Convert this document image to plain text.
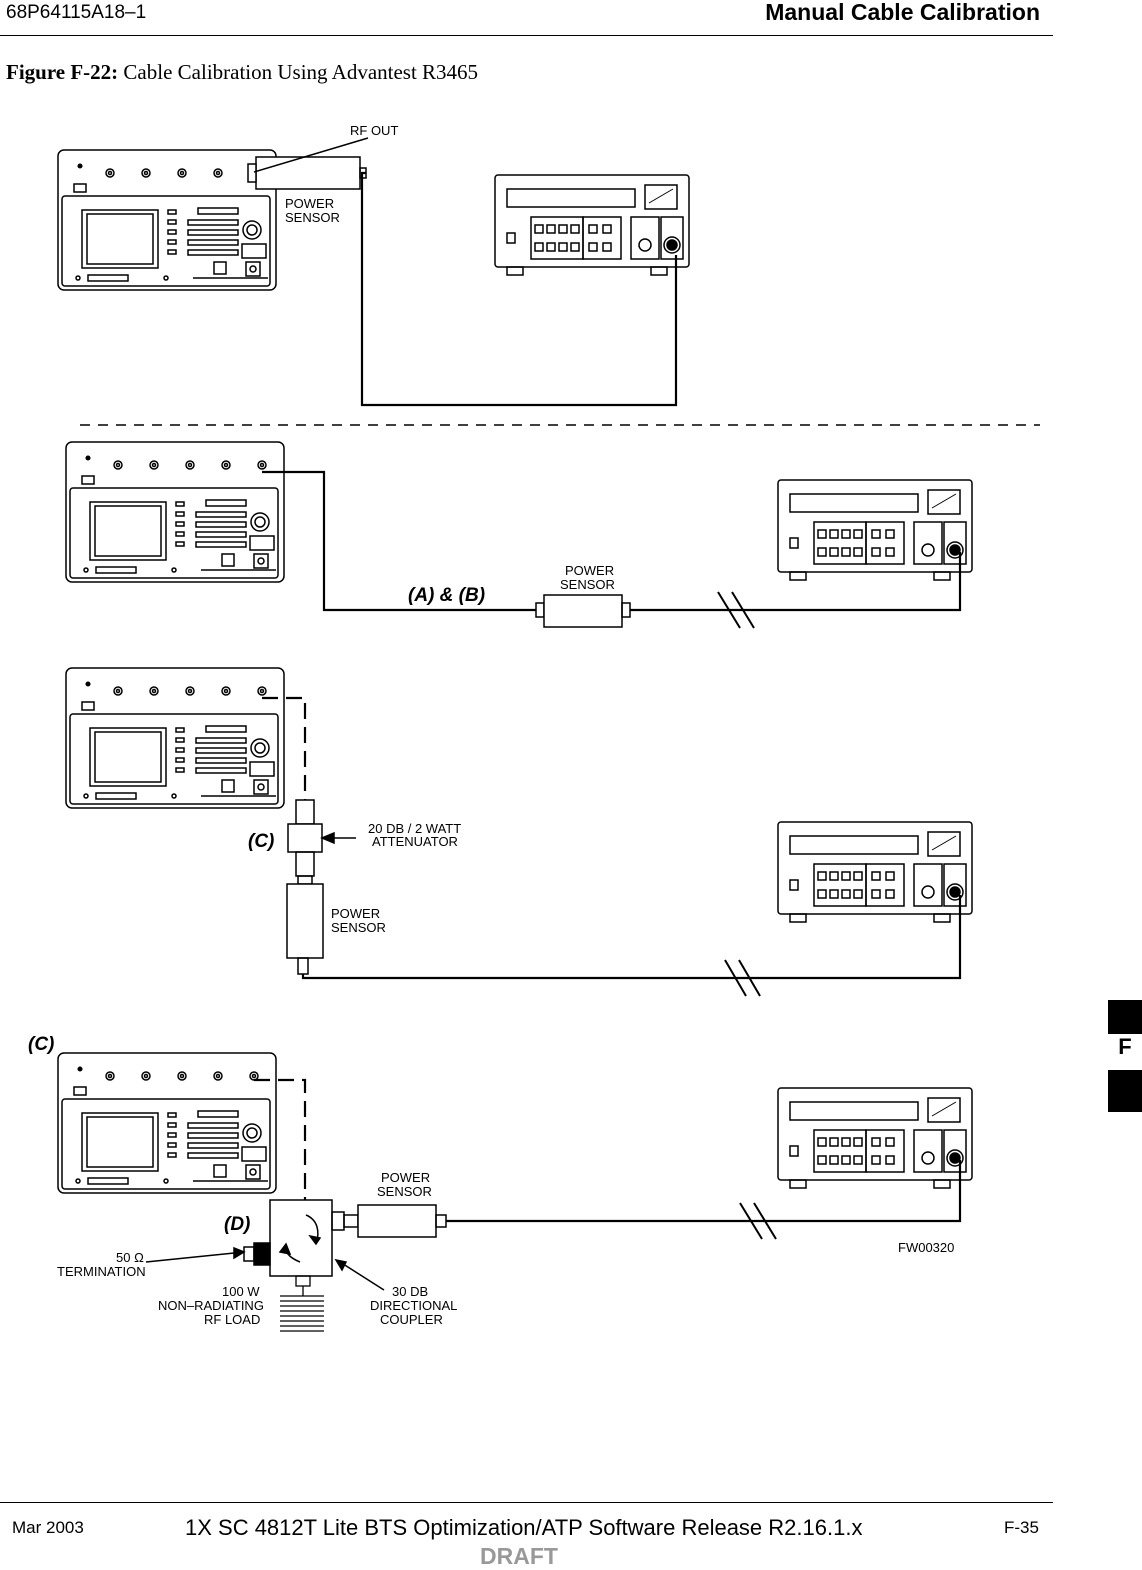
68P64115A18–1	Manual Cable Calibration
Figure F-22: Cable Calibration Using Advantest R3465
RF OUT
POWER
SENSOR
POWER
SENSOR
(A) & (B)
(C)
20 DB / 2 WATT
ATTENUATOR
POWER
SENSOR
(C)
POWER
SENSOR
(D)
50 Ω
TERMINATION
100 W
NON–RADIATING
RF LOAD
30 DB
DIRECTIONAL
COUPLER
FW00320
F
Mar 2003	1X SC 4812T Lite BTS Optimization/ATP Software Release R2.16.1.x	F-35
DRAFT
